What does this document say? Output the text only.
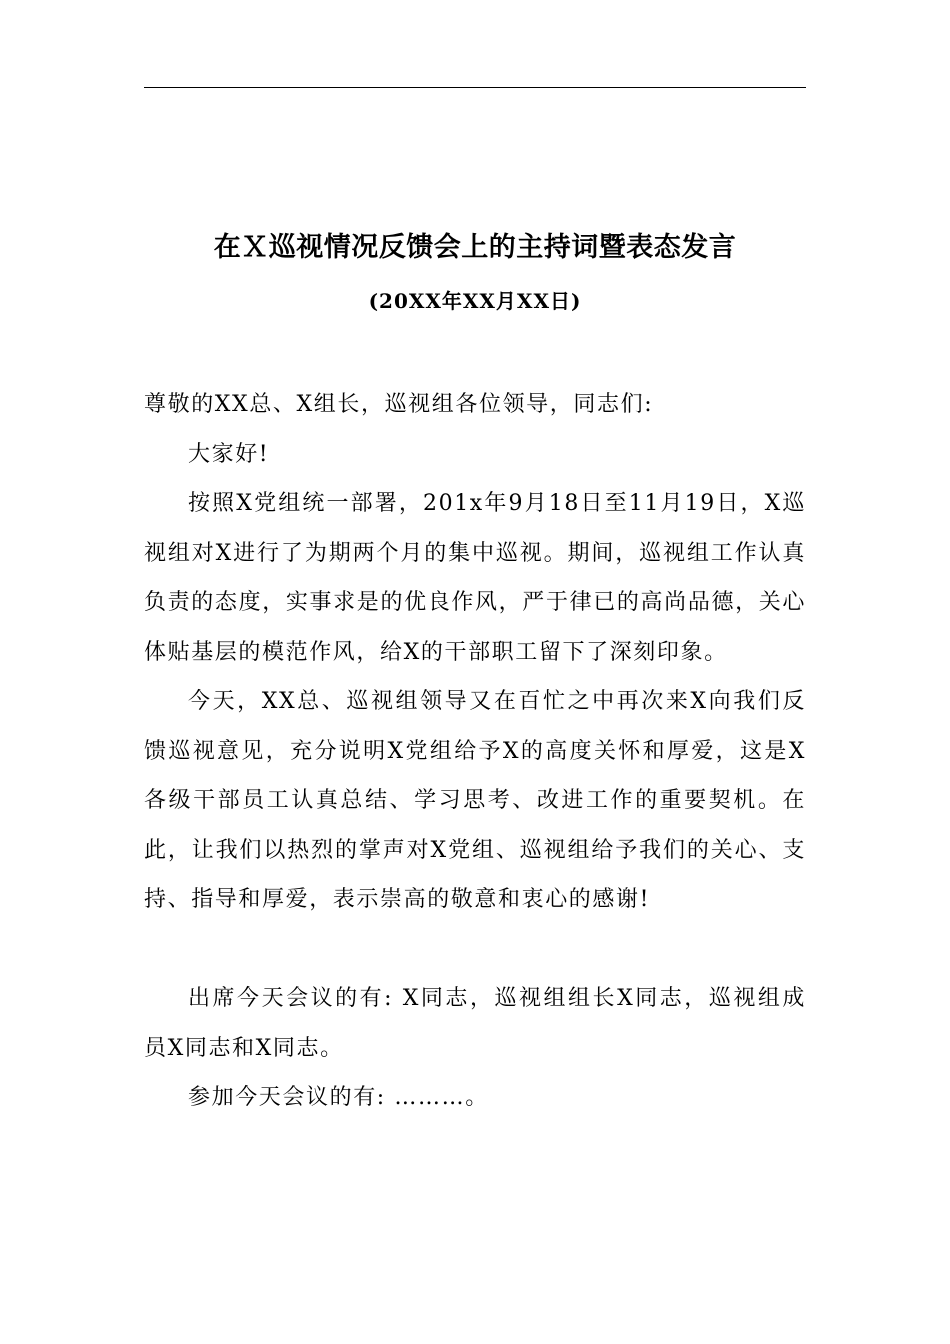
在Ｘ巡视情况反馈会上的主持词暨表态发言
(20XX年XX月XX日)

尊敬的XX总、X组长，巡视组各位领导，同志们:

大家好!

按照X党组统一部署，201x年9月18日至11月19日，X巡视组对X进行了为期两个月的集中巡视。期间，巡视组工作认真负责的态度，实事求是的优良作风，严于律已的高尚品德，关心体贴基层的模范作风，给X的干部职工留下了深刻印象。

今天，XX总、巡视组领导又在百忙之中再次来X向我们反馈巡视意见，充分说明X党组给予X的高度关怀和厚爱，这是X各级干部员工认真总结、学习思考、改进工作的重要契机。在此，让我们以热烈的掌声对X党组、巡视组给予我们的关心、支持、指导和厚爱，表示崇高的敬意和衷心的感谢!

出席今天会议的有: X同志，巡视组组长X同志，巡视组成员X同志和X同志。

参加今天会议的有: ………。
